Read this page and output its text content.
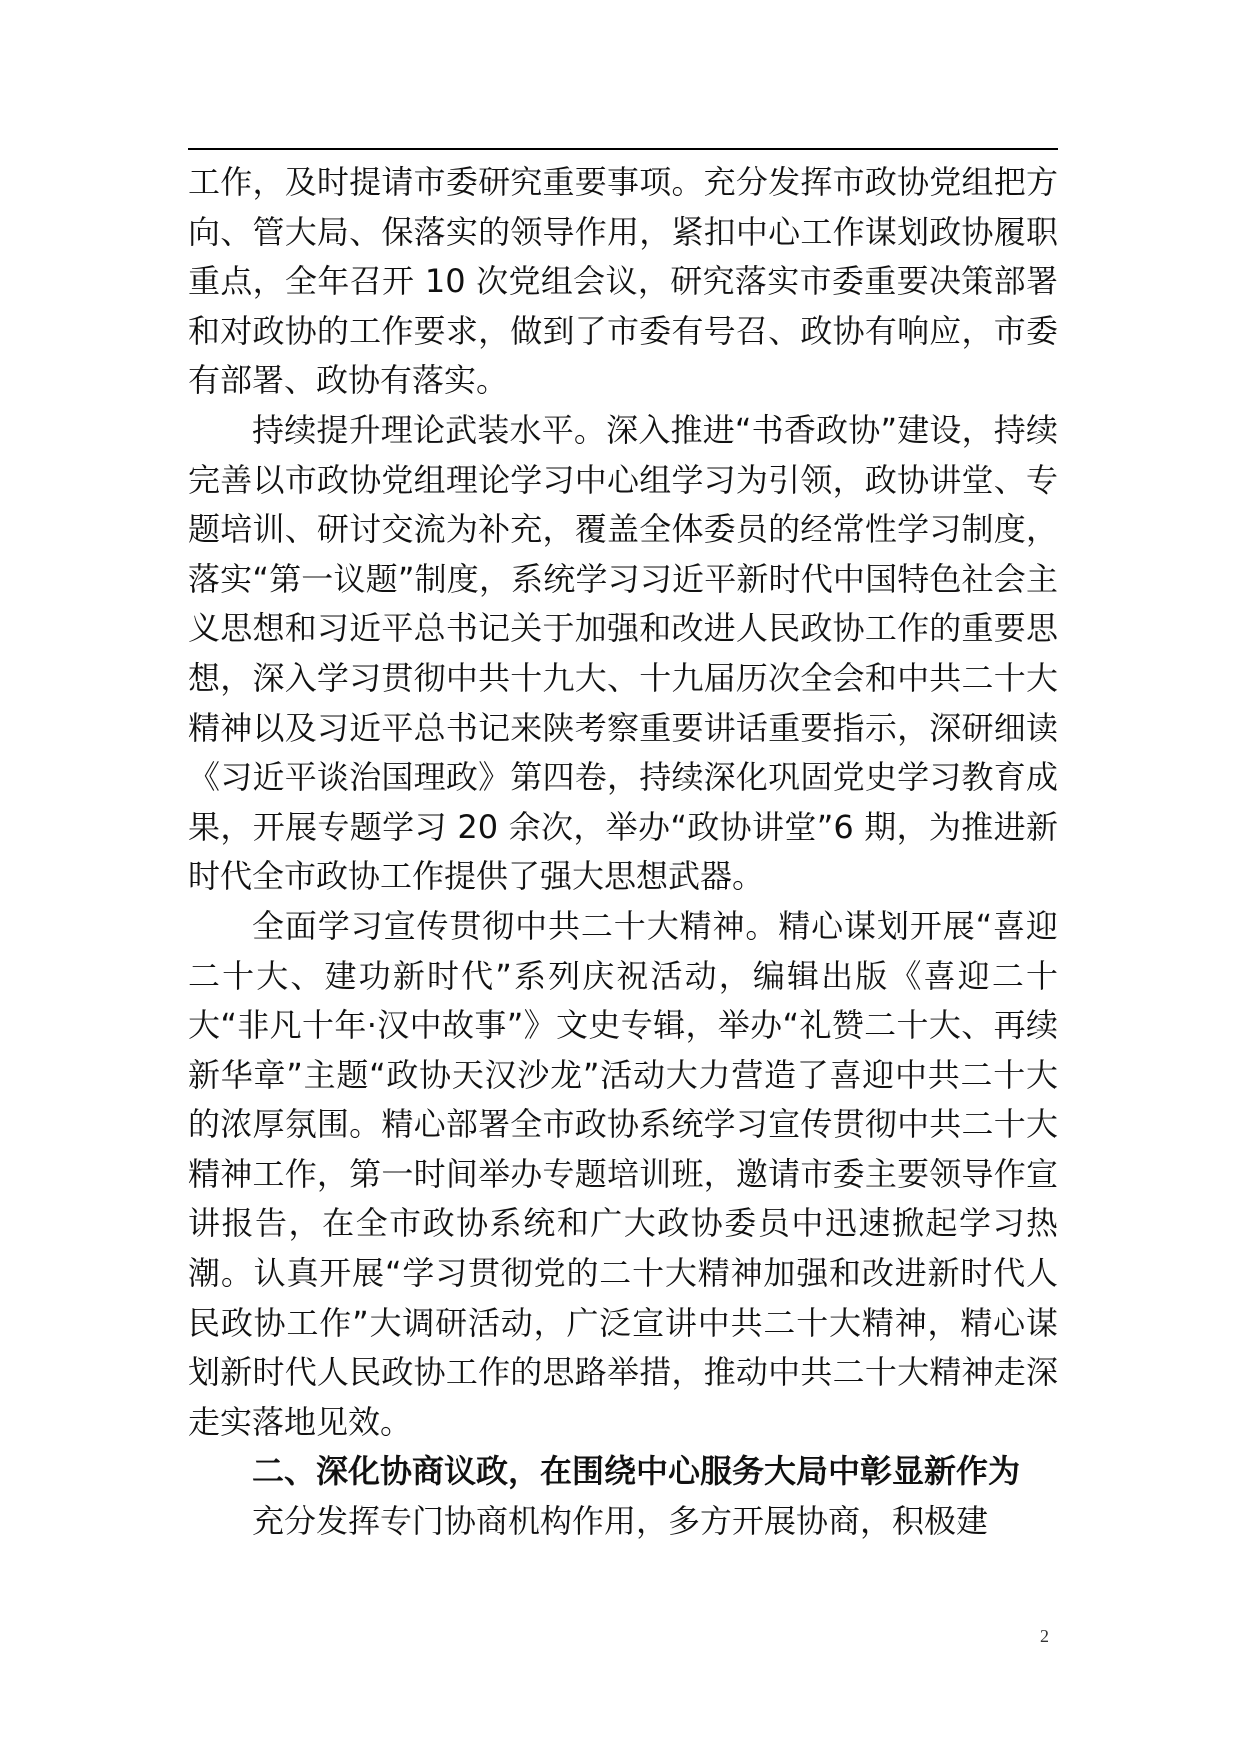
工作，及时提请市委研究重要事项。充分发挥市政协党组把方向、管大局、保落实的领导作用，紧扣中心工作谋划政协履职重点，全年召开 10 次党组会议，研究落实市委重要决策部署和对政协的工作要求，做到了市委有号召、政协有响应，市委有部署、政协有落实。

持续提升理论武装水平。深入推进“书香政协”建设，持续完善以市政协党组理论学习中心组学习为引领，政协讲堂、专题培训、研讨交流为补充，覆盖全体委员的经常性学习制度，落实“第一议题”制度，系统学习习近平新时代中国特色社会主义思想和习近平总书记关于加强和改进人民政协工作的重要思想，深入学习贯彻中共十九大、十九届历次全会和中共二十大精神以及习近平总书记来陕考察重要讲话重要指示，深研细读《习近平谈治国理政》第四卷，持续深化巩固党史学习教育成果，开展专题学习 20 余次，举办“政协讲堂”6 期，为推进新时代全市政协工作提供了强大思想武器。

全面学习宣传贯彻中共二十大精神。精心谋划开展“喜迎二十大、建功新时代”系列庆祝活动，编辑出版《喜迎二十大“非凡十年·汉中故事”》文史专辑，举办“礼赞二十大、再续新华章”主题“政协天汉沙龙”活动大力营造了喜迎中共二十大的浓厚氛围。精心部署全市政协系统学习宣传贯彻中共二十大精神工作，第一时间举办专题培训班，邀请市委主要领导作宣讲报告，在全市政协系统和广大政协委员中迅速掀起学习热潮。认真开展“学习贯彻党的二十大精神加强和改进新时代人民政协工作”大调研活动，广泛宣讲中共二十大精神，精心谋划新时代人民政协工作的思路举措，推动中共二十大精神走深走实落地见效。

二、深化协商议政，在围绕中心服务大局中彰显新作为

充分发挥专门协商机构作用，多方开展协商，积极建

2
